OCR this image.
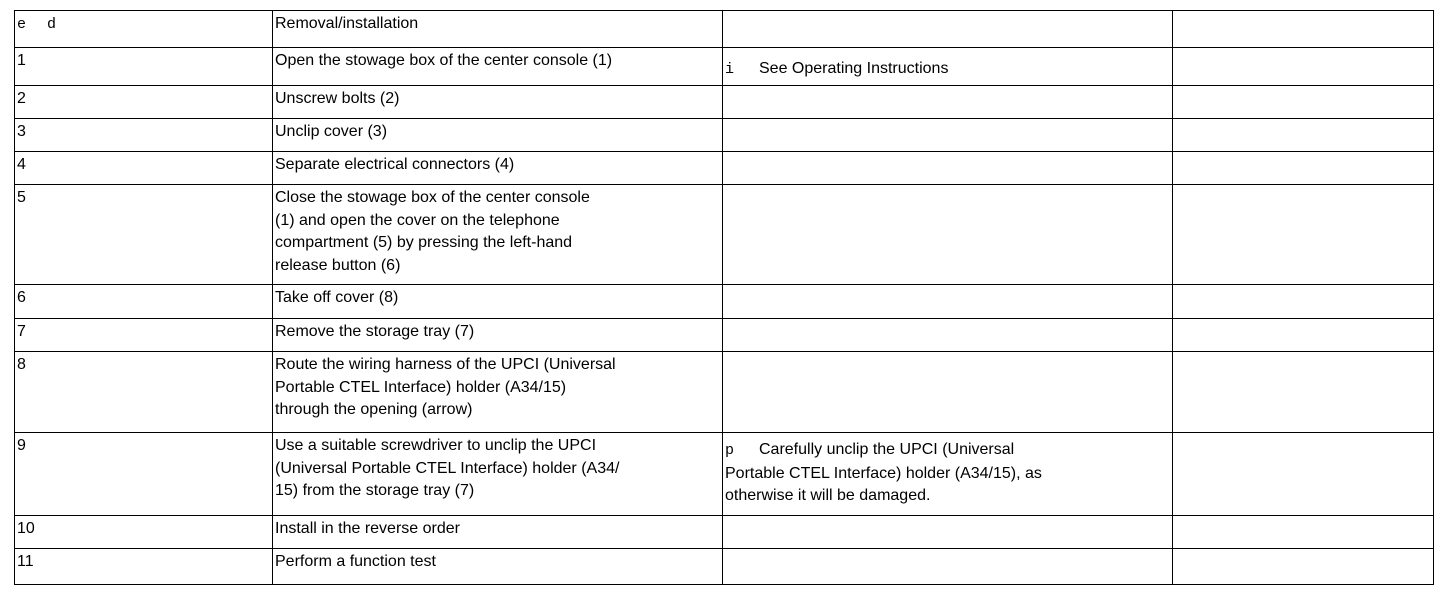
e d	Removal/installation		
1	Open the stowage box of the center console (1)	i See Operating Instructions	

2	Unscrew bolts (2)		
3	Unclip cover (3)		
4	Separate electrical connectors (4)		
5	Close the stowage box of the center console
(1) and open the cover on the telephone
compartment (5) by pressing the left-hand
release button (6)		

6	Take off cover (8)		
7	Remove the storage tray (7)		
8	Route the wiring harness of the UPCI (Universal
Portable CTEL Interface) holder (A34/15)
through the opening (arrow)		

9	Use a suitable screwdriver to unclip the UPCI
(Universal Portable CTEL Interface) holder (A34/
15) from the storage tray (7)	p Carefully unclip the UPCI (Universal
Portable CTEL Interface) holder (A34/15), as
otherwise it will be damaged.	

10	Install in the reverse order		
11	Perform a function test		
